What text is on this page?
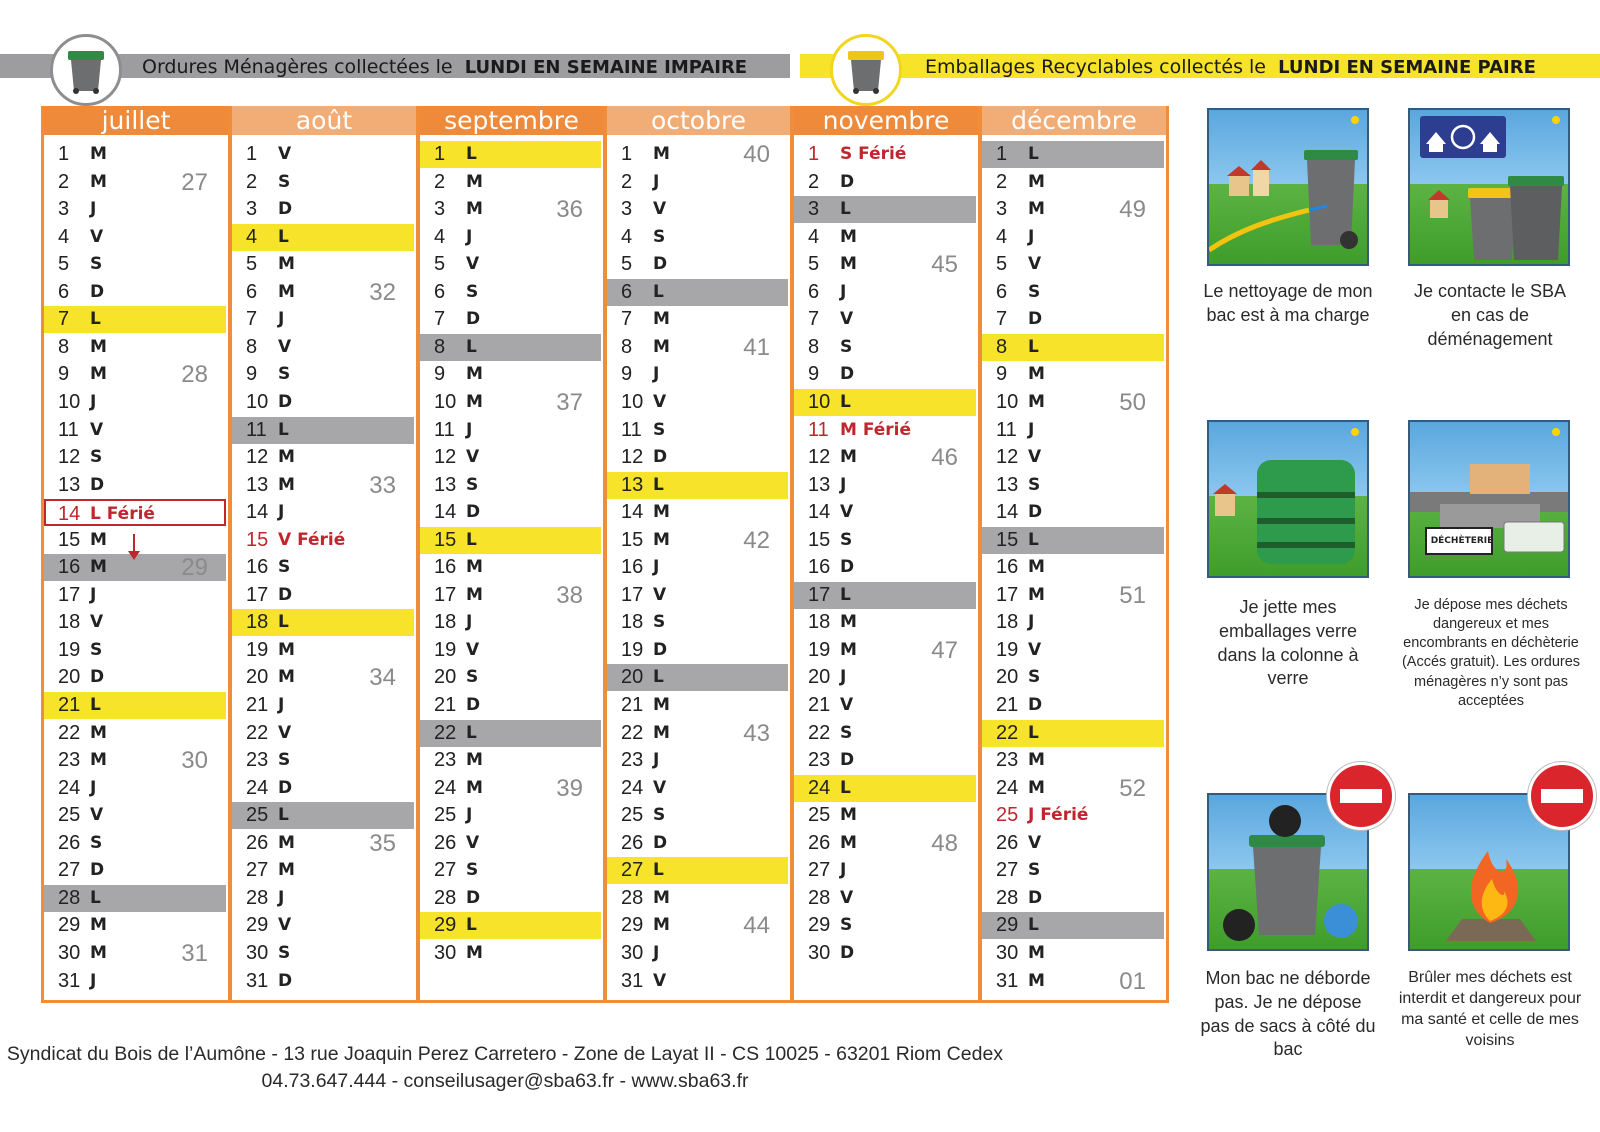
Ordures Ménagères collectées le LUNDI EN SEMAINE IMPAIRE	Emballages Recyclables collectés le LUNDI EN SEMAINE PAIRE
juillet
1	M
2	M	27
3	J
4	V
5	S
6	D
7	L
8	M
9	M	28
10 J
11 V
12 S
13 D
14 L Férié
15 M
16 M	29
17 J
18 V
19 S
20 D
21 L
22 M
23 M	30
24 J
25 V
26 S
27 D
28 L
29 M
30 M	31
31 J
août
1	V
2	S
3	D
4	L
5	M
6	M	32
7	J
8	V
9	S
10 D
11 L
12 M
13 M	33
14 J
15 V Férié
16 S
17 D
18 L
19 M
20 M	34
21 J
22 V
23 S
24 D
25 L
26 M	35
27 M
28 J
29 V
30 S
31 D
septembre
1	L
2	M
3	M	36
4	J
5	V
6	S
7	D
8	L
9	M
10 M	37
11 J
12 V
13 S
14 D
15 L
16 M
17 M	38
18 J
19 V
20 S
21 D
22 L
23 M
24 M	39
25 J
26 V
27 S
28 D
29 L
30 M
octobre
1	M	40
2	J
3	V
4	S
5	D
6	L
7	M
8	M	41
9	J
10 V
11 S
12 D
13 L
14 M
15 M	42
16 J
17 V
18 S
19 D
20 L
21 M
22 M	43
23 J
24 V
25 S
26 D
27 L
28 M
29 M	44
30 J
31 V
novembre
1	S Férié
2	D
3	L
4	M
5	M	45
6	J
7	V
8	S
9	D
10 L
11 M Férié
12 M	46
13 J
14 V
15 S
16 D
17 L
18 M
19 M	47
20 J
21 V
22 S
23 D
24 L
25 M
26 M	48
27 J
28 V
29 S
30 D
décembre
1	L
2	M
3	M	49
4	J
5	V
6	S
7	D
8	L
9	M
10 M	50
11 J
12 V
13 S
14 D
15 L
16 M
17 M	51
18 J
19 V
20 S
21 D
22 L
23 M
24 M	52
25 J Férié
26 V
27 S
28 D
29 L
30 M
31 M	01
Le nettoyage de mon bac est à ma charge
Je contacte le SBA en cas de déménagement
Je jette mes emballages verre dans la colonne à verre
DÉCHÈTERIE
Je dépose mes déchets dangereux et mes encombrants en déchèterie (Accés gratuit). Les ordures ménagères n’y sont pas acceptées
Mon bac ne déborde pas. Je ne dépose pas de sacs à côté du bac
Brûler mes déchets est interdit et dangereux pour ma santé et celle de mes voisins
Syndicat du Bois de l’Aumône - 13 rue Joaquin Perez Carretero - Zone de Layat II - CS 10025 - 63201 Riom Cedex
04.73.647.444 - conseilusager@sba63.fr - www.sba63.fr
